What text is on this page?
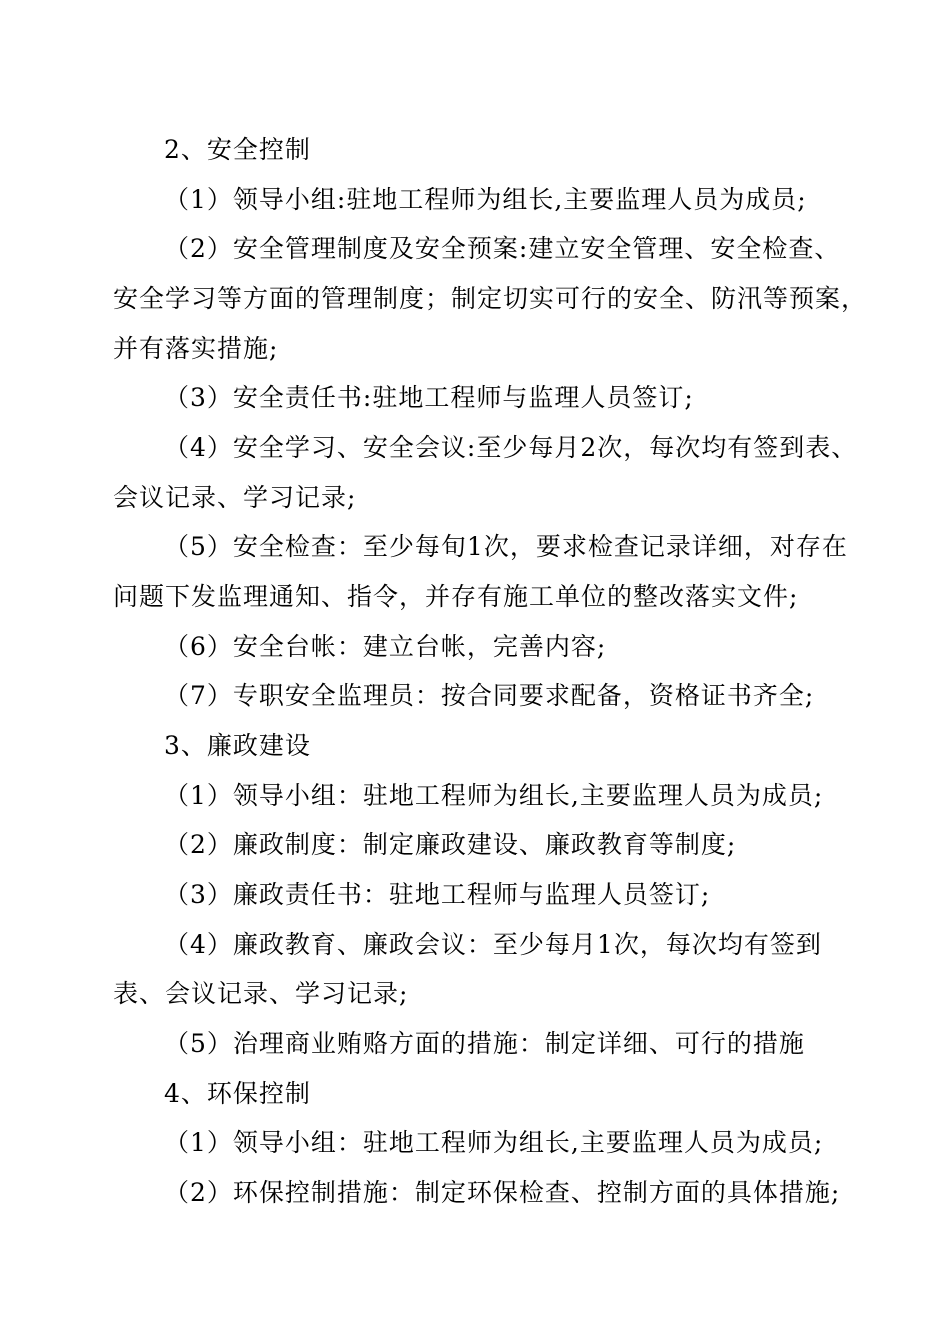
2、安全控制
（1）领导小组:驻地工程师为组长,主要监理人员为成员;
（2）安全管理制度及安全预案:建立安全管理、安全检查、
安全学习等方面的管理制度；制定切实可行的安全、防汛等预案，
并有落实措施;
（3）安全责任书:驻地工程师与监理人员签订;
（4）安全学习、安全会议:至少每月2次，每次均有签到表、
会议记录、学习记录;
（5）安全检查：至少每旬1次，要求检查记录详细，对存在
问题下发监理通知、指令，并存有施工单位的整改落实文件;
（6）安全台帐：建立台帐，完善内容;
（7）专职安全监理员：按合同要求配备，资格证书齐全;
3、廉政建设
（1）领导小组：驻地工程师为组长,主要监理人员为成员;
（2）廉政制度：制定廉政建设、廉政教育等制度;
（3）廉政责任书：驻地工程师与监理人员签订;
（4）廉政教育、廉政会议：至少每月1次，每次均有签到
表、会议记录、学习记录;
（5）治理商业贿赂方面的措施：制定详细、可行的措施
4、环保控制
（1）领导小组：驻地工程师为组长,主要监理人员为成员;
（2）环保控制措施：制定环保检查、控制方面的具体措施;
